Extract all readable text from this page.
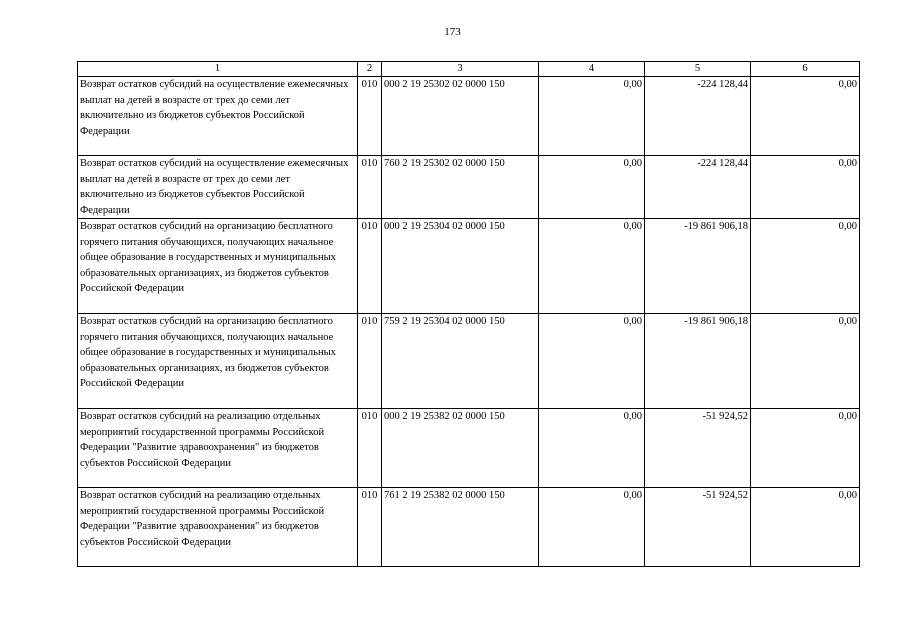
173
1	2	3	4	5	6
Возврат остатков субсидий на осуществление ежемесячных выплат на детей в возрасте от трех до семи лет включительно из бюджетов субъектов Российской Федерации	010	000 2 19 25302 02 0000 150	0,00	-224 128,44	0,00
Возврат остатков субсидий на осуществление ежемесячных выплат на детей в возрасте от трех до семи лет включительно из бюджетов субъектов Российской Федерации	010	760 2 19 25302 02 0000 150	0,00	-224 128,44	0,00
Возврат остатков субсидий на организацию бесплатного горячего питания обучающихся, получающих начальное общее образование в государственных и муниципальных образовательных организациях, из бюджетов субъектов Российской Федерации	010	000 2 19 25304 02 0000 150	0,00	-19 861 906,18	0,00
Возврат остатков субсидий на организацию бесплатного горячего питания обучающихся, получающих начальное общее образование в государственных и муниципальных образовательных организациях, из бюджетов субъектов Российской Федерации	010	759 2 19 25304 02 0000 150	0,00	-19 861 906,18	0,00
Возврат остатков субсидий на реализацию отдельных мероприятий государственной программы Российской Федерации "Развитие здравоохранения" из бюджетов субъектов Российской Федерации	010	000 2 19 25382 02 0000 150	0,00	-51 924,52	0,00
Возврат остатков субсидий на реализацию отдельных мероприятий государственной программы Российской Федерации "Развитие здравоохранения" из бюджетов субъектов Российской Федерации	010	761 2 19 25382 02 0000 150	0,00	-51 924,52	0,00
